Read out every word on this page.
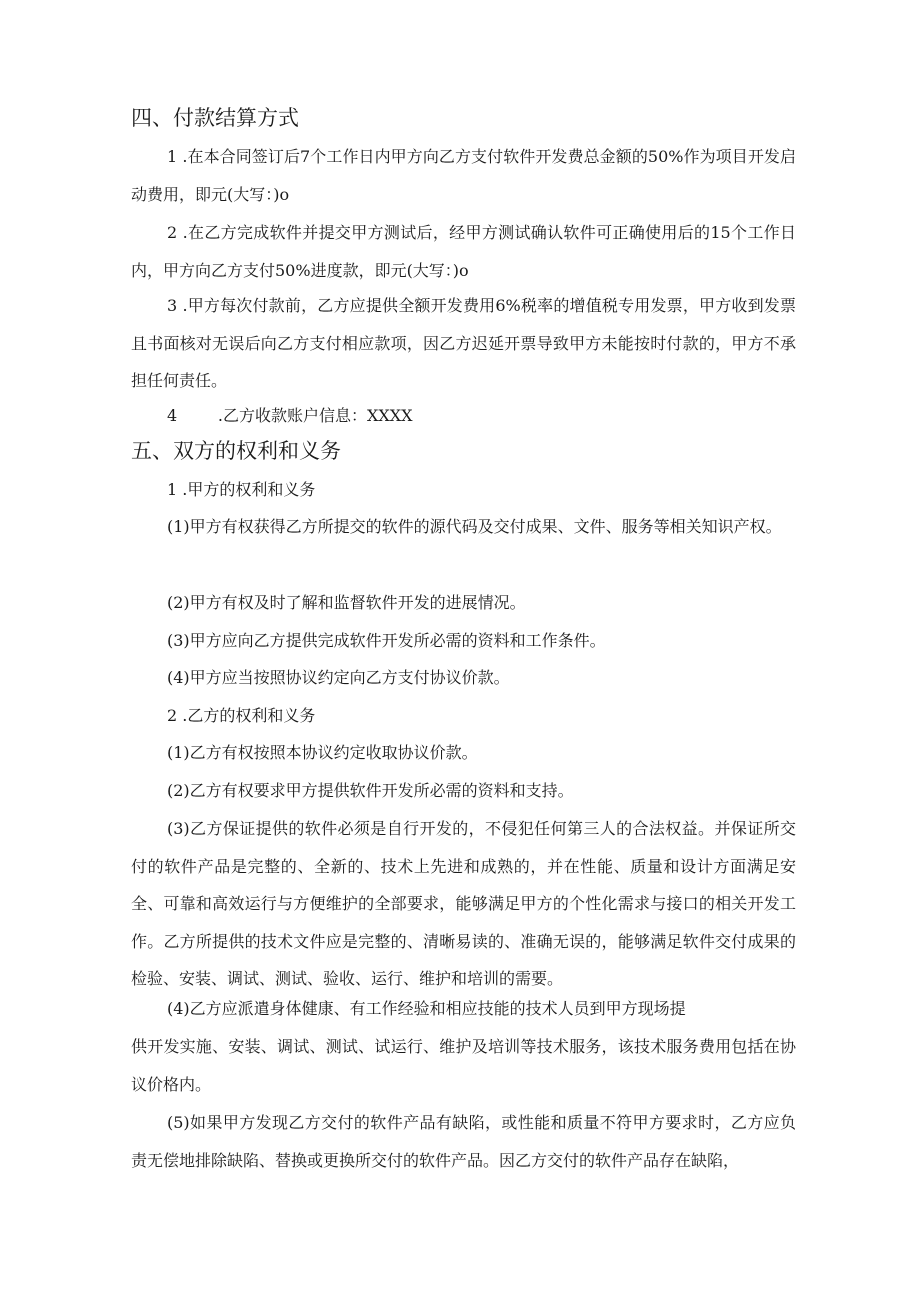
四、付款结算方式

1 .在本合同签订后7个工作日内甲方向乙方支付软件开发费总金额的50%作为项目开发启动费用，即元(大写：)o

2 .在乙方完成软件并提交甲方测试后，经甲方测试确认软件可正确使用后的15个工作日内，甲方向乙方支付50%进度款，即元(大写：)o

3 .甲方每次付款前，乙方应提供全额开发费用6%税率的增值税专用发票，甲方收到发票且书面核对无误后向乙方支付相应款项，因乙方迟延开票导致甲方未能按时付款的，甲方不承担任何责任。

4        .乙方收款账户信息：XXXX
五、双方的权利和义务
1 .甲方的权利和义务

(1)甲方有权获得乙方所提交的软件的源代码及交付成果、文件、服务等相关知识产权。

(2)甲方有权及时了解和监督软件开发的进展情况。
(3)甲方应向乙方提供完成软件开发所必需的资料和工作条件。
(4)甲方应当按照协议约定向乙方支付协议价款。
2 .乙方的权利和义务
(1)乙方有权按照本协议约定收取协议价款。
(2)乙方有权要求甲方提供软件开发所必需的资料和支持。

(3)乙方保证提供的软件必须是自行开发的，不侵犯任何第三人的合法权益。并保证所交付的软件产品是完整的、全新的、技术上先进和成熟的，并在性能、质量和设计方面满足安全、可靠和高效运行与方便维护的全部要求，能够满足甲方的个性化需求与接口的相关开发工作。乙方所提供的技术文件应是完整的、清晰易读的、准确无误的，能够满足软件交付成果的检验、安装、调试、测试、验收、运行、维护和培训的需要。

(4)乙方应派遣身体健康、有工作经验和相应技能的技术人员到甲方现场提

供开发实施、安装、调试、测试、试运行、维护及培训等技术服务，该技术服务费用包括在协议价格内。

(5)如果甲方发现乙方交付的软件产品有缺陷，或性能和质量不符甲方要求时，乙方应负责无偿地排除缺陷、替换或更换所交付的软件产品。因乙方交付的软件产品存在缺陷，
